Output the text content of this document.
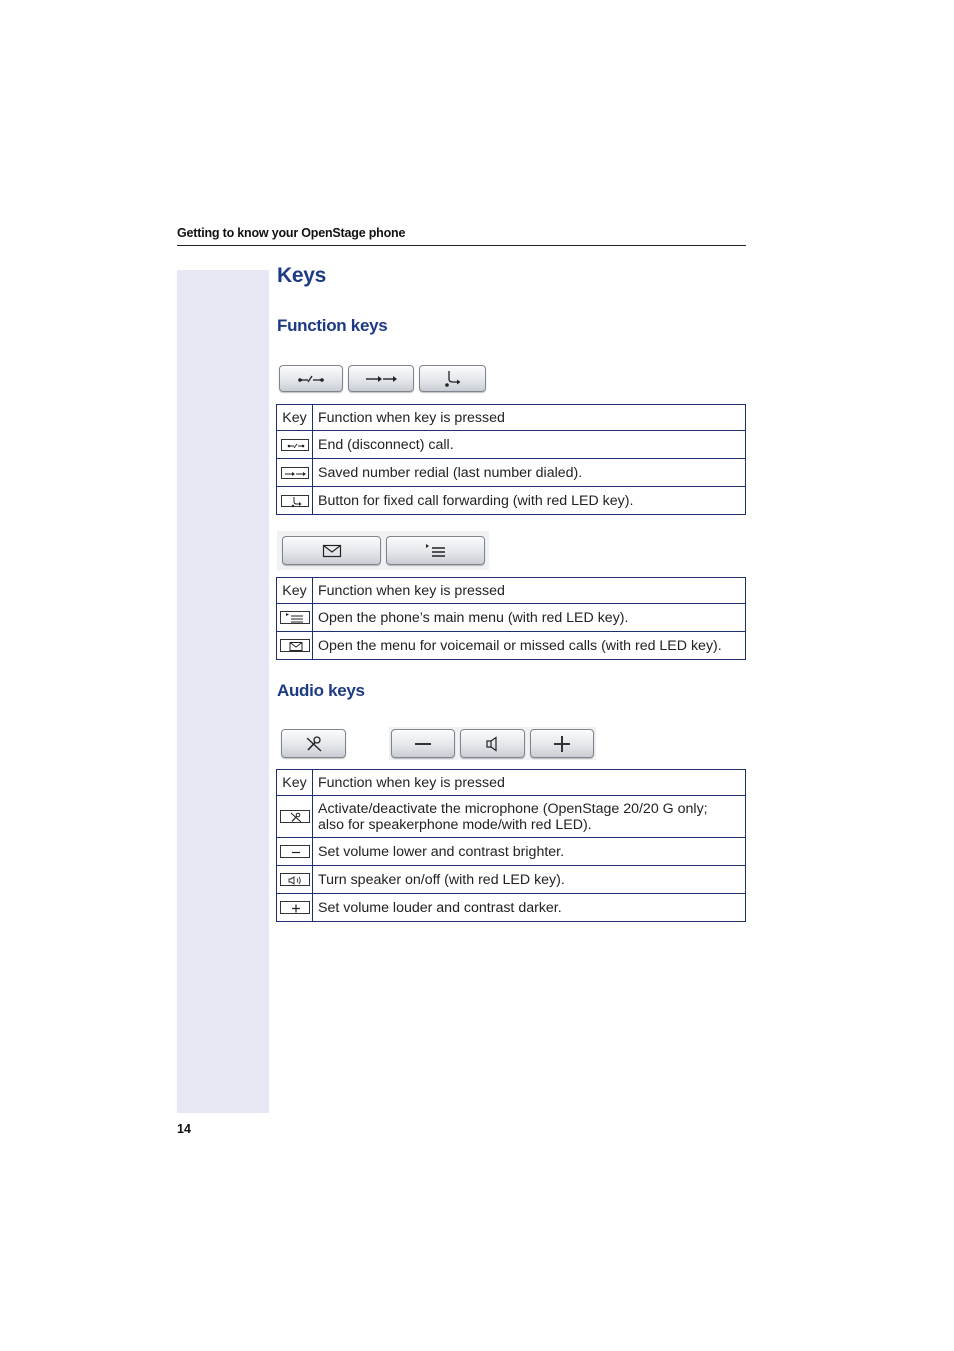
Getting to know your OpenStage phone
14
Keys
Function keys
Key	Function when key is pressed

	End (disconnect) call.

	Saved number redial (last number dialed).

	Button for fixed call forwarding (with red LED key).
Key	Function when key is pressed

	Open the phone’s main menu (with red LED key).

	Open the menu for voicemail or missed calls (with red LED key).
Audio keys
Key	Function when key is pressed

	Activate/deactivate the microphone (OpenStage 20/20 G only;
also for speakerphone mode/with red LED).

	Set volume lower and contrast brighter.

	Turn speaker on/off (with red LED key).

	Set volume louder and contrast darker.
